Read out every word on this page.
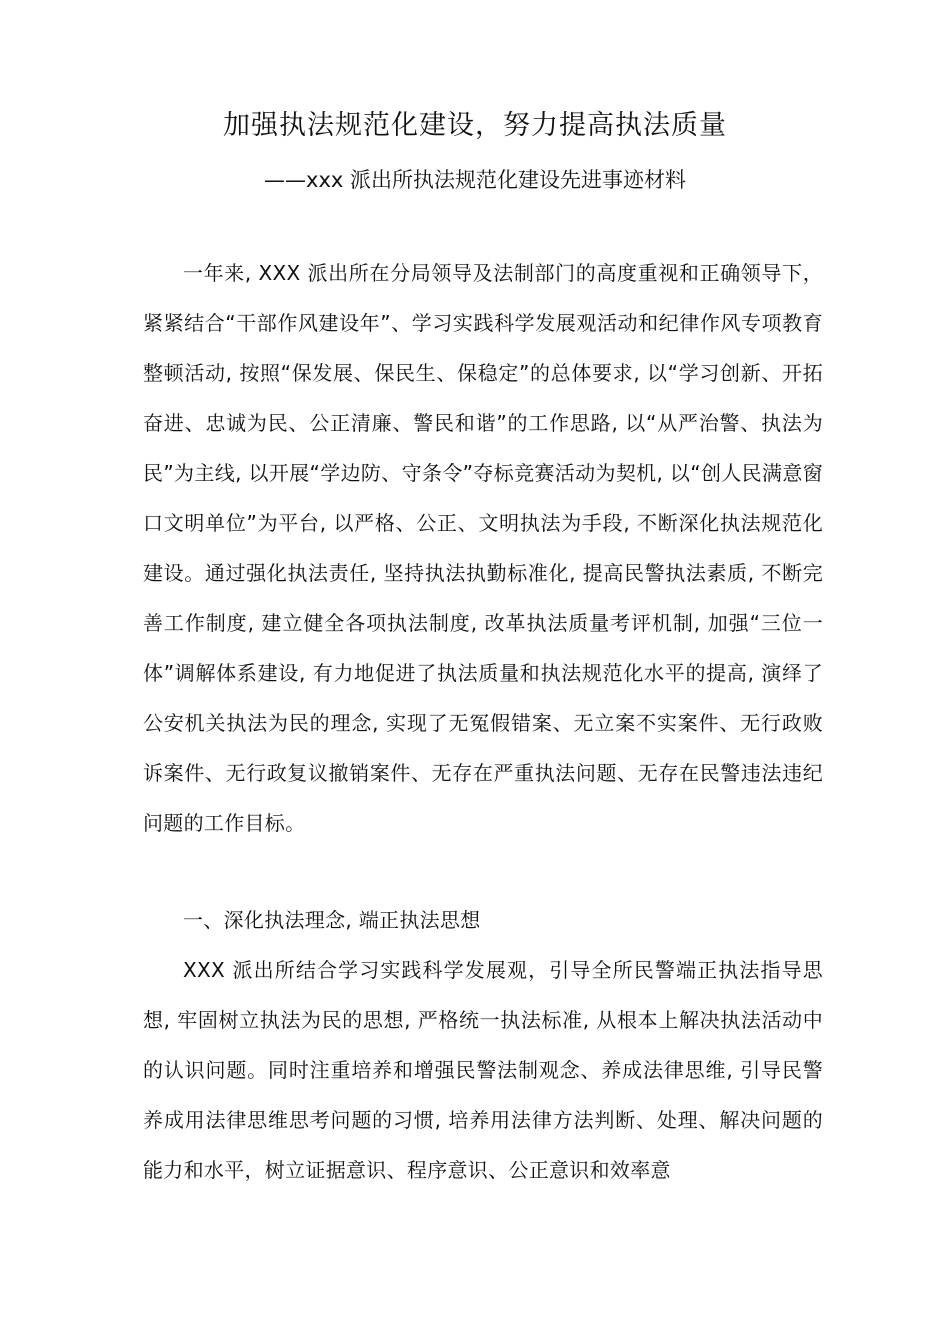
加强执法规范化建设，努力提高执法质量
——xxx 派出所执法规范化建设先进事迹材料

一年来, XXX 派出所在分局领导及法制部门的高度重视和正确领导下，紧紧结合“干部作风建设年”、学习实践科学发展观活动和纪律作风专项教育整顿活动, 按照“保发展、保民生、保稳定”的总体要求, 以“学习创新、开拓奋进、忠诚为民、公正清廉、警民和谐”的工作思路, 以“从严治警、执法为民”为主线, 以开展“学边防、守条令”夺标竞赛活动为契机, 以“创人民满意窗口文明单位”为平台, 以严格、公正、文明执法为手段, 不断深化执法规范化建设。通过强化执法责任, 坚持执法执勤标准化, 提高民警执法素质, 不断完善工作制度, 建立健全各项执法制度, 改革执法质量考评机制, 加强“三位一体”调解体系建设, 有力地促进了执法质量和执法规范化水平的提高, 演绎了公安机关执法为民的理念, 实现了无冤假错案、无立案不实案件、无行政败诉案件、无行政复议撤销案件、无存在严重执法问题、无存在民警违法违纪问题的工作目标。

一、深化执法理念, 端正执法思想

XXX 派出所结合学习实践科学发展观，引导全所民警端正执法指导思想, 牢固树立执法为民的思想, 严格统一执法标准, 从根本上解决执法活动中的认识问题。同时注重培养和增强民警法制观念、养成法律思维, 引导民警养成用法律思维思考问题的习惯, 培养用法律方法判断、处理、解决问题的能力和水平，树立证据意识、程序意识、公正意识和效率意
